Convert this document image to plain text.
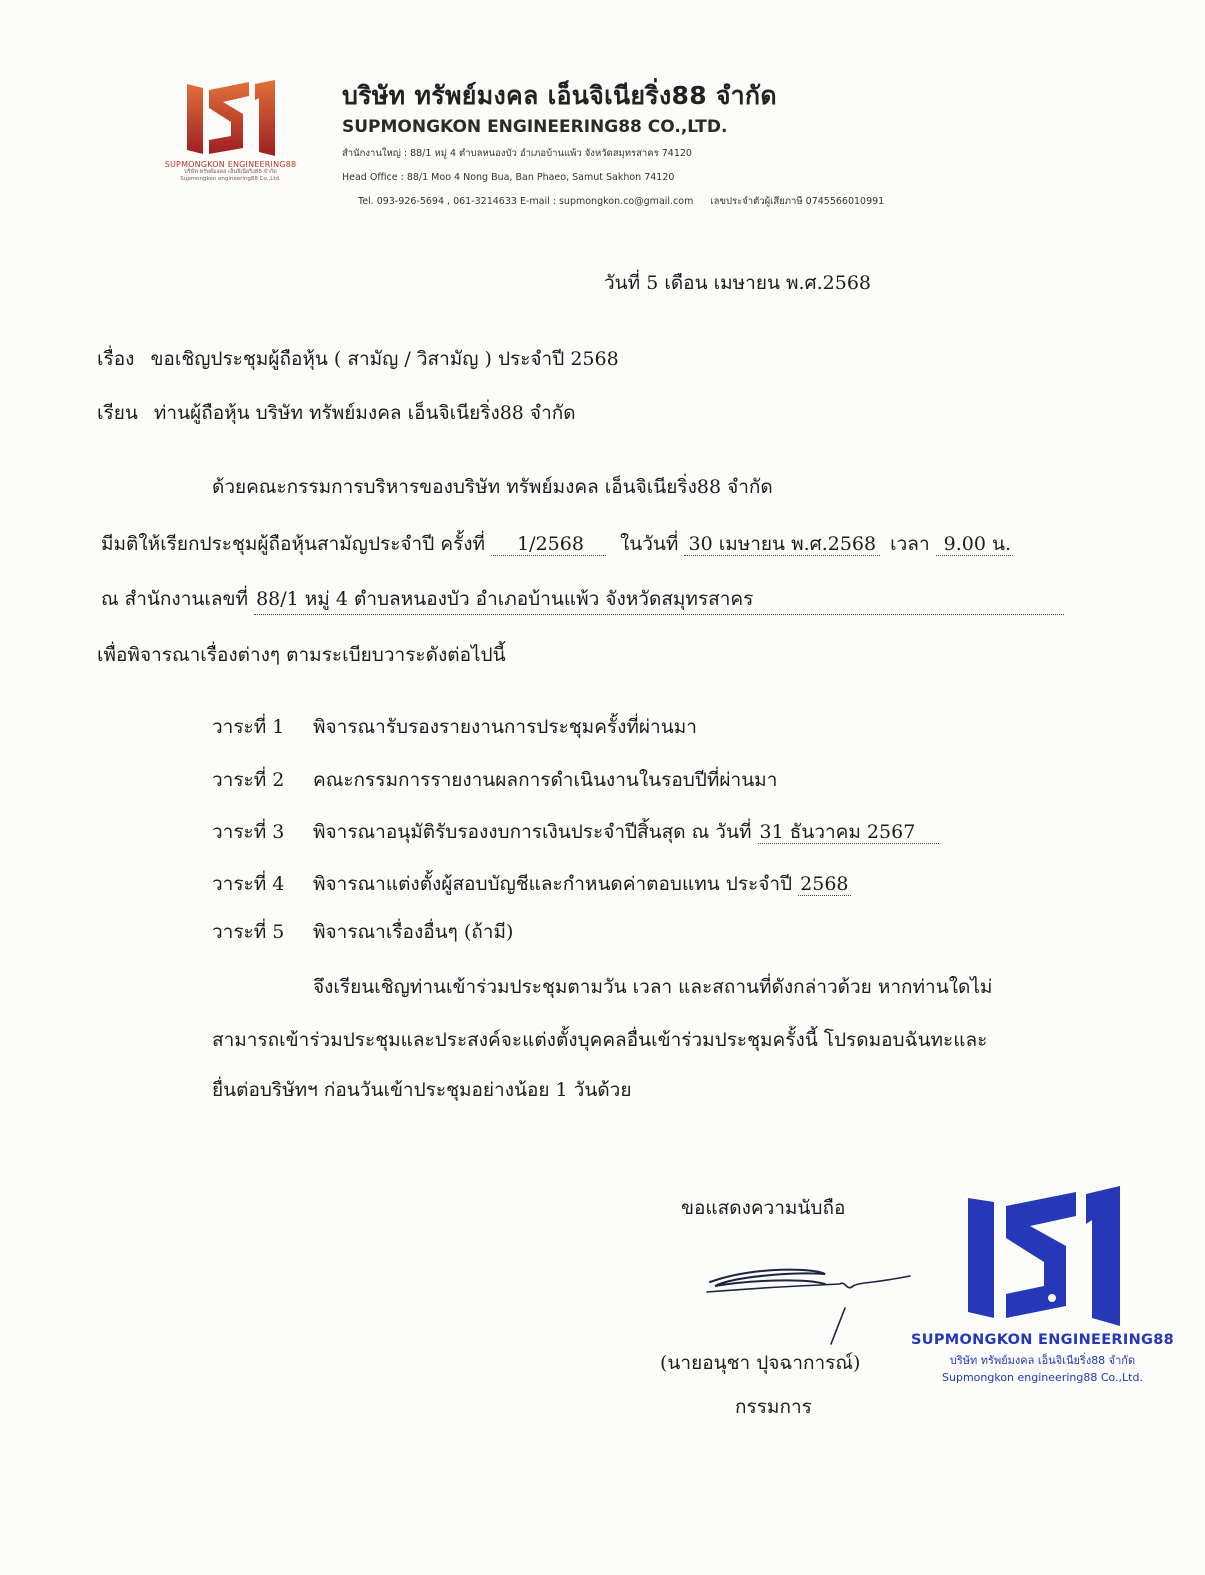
SUPMONGKON ENGINEERING88
บริษัท ทรัพย์มงคล เอ็นจิเนียริ่ง88 จำกัด
Supmongkon engineering88 Co.,Ltd.
บริษัท ทรัพย์มงคล เอ็นจิเนียริ่ง88 จำกัด
SUPMONGKON ENGINEERING88 CO.,LTD.
สำนักงานใหญ่ : 88/1 หมู่ 4 ตำบลหนองบัว อำเภอบ้านแพ้ว จังหวัดสมุทรสาคร 74120
Head Office : 88/1 Moo 4 Nong Bua, Ban Phaeo, Samut Sakhon 74120
Tel. 093-926-5694 , 061-3214633 E-mail : supmongkon.co@gmail.com เลขประจำตัวผู้เสียภาษี 0745566010991
วันที่ 5 เดือน เมษายน พ.ศ.2568
เรื่อง ขอเชิญประชุมผู้ถือหุ้น ( สามัญ / วิสามัญ ) ประจำปี 2568
เรียน ท่านผู้ถือหุ้น บริษัท ทรัพย์มงคล เอ็นจิเนียริ่ง88 จำกัด
ด้วยคณะกรรมการบริหารของบริษัท ทรัพย์มงคล เอ็นจิเนียริ่ง88 จำกัด
มีมติให้เรียกประชุมผู้ถือหุ้นสามัญประจำปี ครั้งที่ 1/2568 ในวันที่ 30 เมษายน พ.ศ.2568 เวลา 9.00 น.
ณ สำนักงานเลขที่ 88/1 หมู่ 4 ตำบลหนองบัว อำเภอบ้านแพ้ว จังหวัดสมุทรสาคร
เพื่อพิจารณาเรื่องต่างๆ ตามระเบียบวาระดังต่อไปนี้
วาระที่ 1 พิจารณารับรองรายงานการประชุมครั้งที่ผ่านมา
วาระที่ 2 คณะกรรมการรายงานผลการดำเนินงานในรอบปีที่ผ่านมา
วาระที่ 3 พิจารณาอนุมัติรับรองงบการเงินประจำปีสิ้นสุด ณ วันที่ 31 ธันวาคม 2567
วาระที่ 4 พิจารณาแต่งตั้งผู้สอบบัญชีและกำหนดค่าตอบแทน ประจำปี 2568
วาระที่ 5 พิจารณาเรื่องอื่นๆ (ถ้ามี)
จึงเรียนเชิญท่านเข้าร่วมประชุมตามวัน เวลา และสถานที่ดังกล่าวด้วย หากท่านใดไม่
สามารถเข้าร่วมประชุมและประสงค์จะแต่งตั้งบุคคลอื่นเข้าร่วมประชุมครั้งนี้ โปรดมอบฉันทะและ
ยื่นต่อบริษัทฯ ก่อนวันเข้าประชุมอย่างน้อย 1 วันด้วย
ขอแสดงความนับถือ
(นายอนุชา ปุจฉาการณ์)
กรรมการ
SUPMONGKON ENGINEERING88
บริษัท ทรัพย์มงคล เอ็นจิเนียริ่ง88 จำกัด
Supmongkon engineering88 Co.,Ltd.
